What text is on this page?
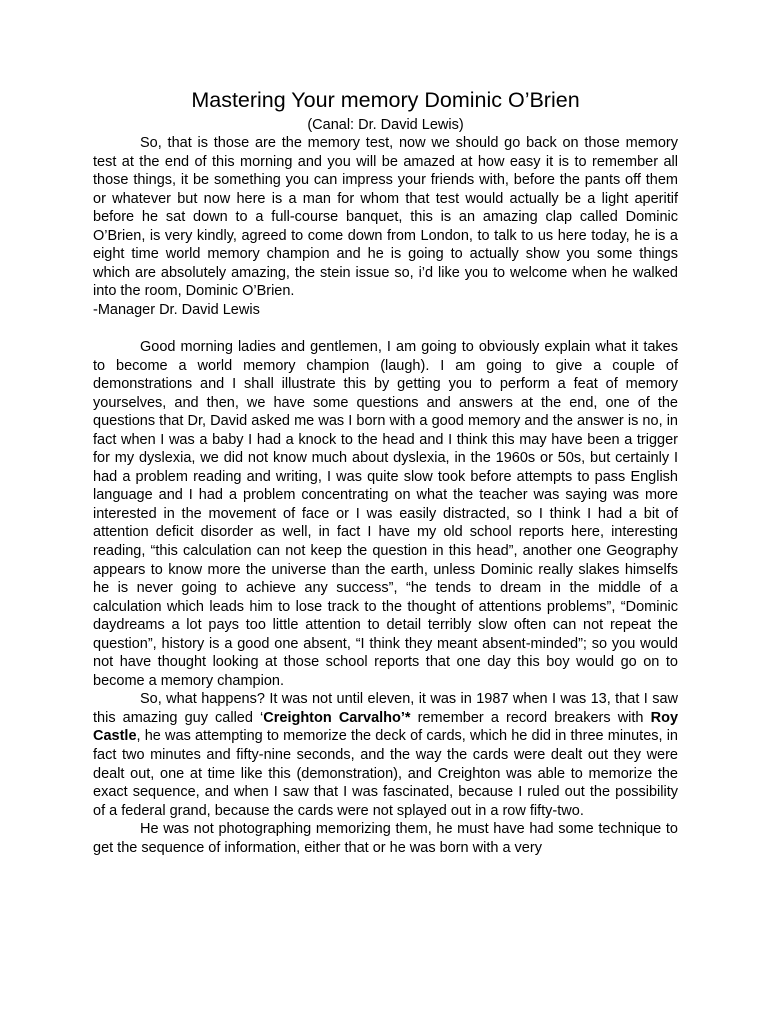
Mastering Your memory Dominic O’Brien

(Canal: Dr. David Lewis)

So, that is those are the memory test, now we should go back on those memory test at the end of this morning and you will be amazed at how easy it is to remember all those things, it be something you can impress your friends with, before the pants off them or whatever but now here is a man for whom that test would actually be a light aperitif before he sat down to a full-course banquet, this is an amazing clap called Dominic O’Brien, is very kindly, agreed to come down from London, to talk to us here today, he is a eight time world memory champion and he is going to actually show you some things which are absolutely amazing, the stein issue so, i’d like you to welcome when he walked into the room, Dominic O’Brien.

-Manager Dr. David Lewis

Good morning ladies and gentlemen, I am going to obviously explain what it takes to become a world memory champion (laugh). I am going to give a couple of demonstrations and I shall illustrate this by getting you to perform a feat of memory yourselves, and then, we have some questions and answers at the end, one of the questions that Dr, David asked me was I born with a good memory and the answer is no, in fact when I was a baby I had a knock to the head and I think this may have been a trigger for my dyslexia, we did not know much about dyslexia, in the 1960s or 50s, but certainly I had a problem reading and writing, I was quite slow took before attempts to pass English language and I had a problem concentrating on what the teacher was saying was more interested in the movement of face or I was easily distracted, so I think I had a bit of attention deficit disorder as well, in fact I have my old school reports here, interesting reading, “this calculation can not keep the question in this head”, another one Geography appears to know more the universe than the earth, unless Dominic really slakes himselfs he is never going to achieve any success”, “he tends to dream in the middle of a calculation which leads him to lose track to the thought of attentions problems”, “Dominic daydreams a lot pays too little attention to detail terribly slow often can not repeat the question”, history is a good one absent, “I think they meant absent-minded”; so you would not have thought looking at those school reports that one day this boy would go on to become a memory champion.

So, what happens? It was not until eleven, it was in 1987 when I was 13, that I saw this amazing guy called ‘Creighton Carvalho’* remember a record breakers with Roy Castle, he was attempting to memorize the deck of cards, which he did in three minutes, in fact two minutes and fifty-nine seconds, and the way the cards were dealt out they were dealt out, one at time like this (demonstration), and Creighton was able to memorize the exact sequence, and when I saw that I was fascinated, because I ruled out the possibility of a federal grand, because the cards were not splayed out in a row fifty-two.

He was not photographing memorizing them, he must have had some technique to get the sequence of information, either that or he was born with a very
